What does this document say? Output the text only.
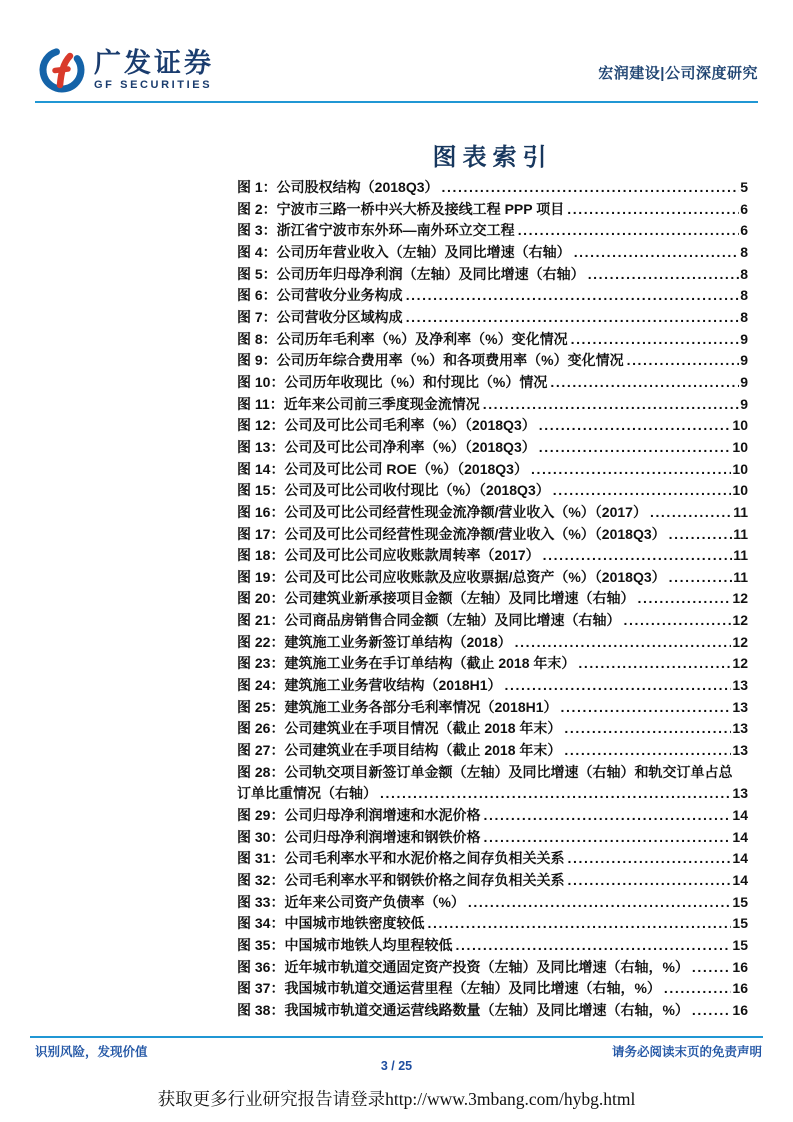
广发证券
GF SECURITIES
宏润建设|公司深度研究
图表索引
图 1：公司股权结构（2018Q3） .....	5
图 2：宁波市三路一桥中兴大桥及接线工程 PPP 项目 .....	6
图 3：浙江省宁波市东外环—南外环立交工程 .....	6
图 4：公司历年营业收入（左轴）及同比增速（右轴） .....	8
图 5：公司历年归母净利润（左轴）及同比增速（右轴） .....	8
图 6：公司营收分业务构成 .....	8
图 7：公司营收分区域构成 .....	8
图 8：公司历年毛利率（%）及净利率（%）变化情况 .....	9
图 9：公司历年综合费用率（%）和各项费用率（%）变化情况 .....	9
图 10：公司历年收现比（%）和付现比（%）情况 .....	9
图 11：近年来公司前三季度现金流情况 .....	9
图 12：公司及可比公司毛利率（%）（2018Q3） .....	10
图 13：公司及可比公司净利率（%）（2018Q3） .....	10
图 14：公司及可比公司 ROE（%）（2018Q3） .....	10
图 15：公司及可比公司收付现比（%）（2018Q3） .....	10
图 16：公司及可比公司经营性现金流净额/营业收入（%）（2017） .....	11
图 17：公司及可比公司经营性现金流净额/营业收入（%）（2018Q3） .....	11
图 18：公司及可比公司应收账款周转率（2017） .....	11
图 19：公司及可比公司应收账款及应收票据/总资产（%）（2018Q3） .....	11
图 20：公司建筑业新承接项目金额（左轴）及同比增速（右轴） .....	12
图 21：公司商品房销售合同金额（左轴）及同比增速（右轴） .....	12
图 22：建筑施工业务新签订单结构（2018） .....	12
图 23：建筑施工业务在手订单结构（截止 2018 年末） .....	12
图 24：建筑施工业务营收结构（2018H1） .....	13
图 25：建筑施工业务各部分毛利率情况（2018H1） .....	13
图 26：公司建筑业在手项目情况（截止 2018 年末） .....	13
图 27：公司建筑业在手项目结构（截止 2018 年末） .....	13
图 28：公司轨交项目新签订单金额（左轴）及同比增速（右轴）和轨交订单占总
订单比重情况（右轴） .....	13
图 29：公司归母净利润增速和水泥价格 .....	14
图 30：公司归母净利润增速和钢铁价格 .....	14
图 31：公司毛利率水平和水泥价格之间存负相关关系 .....	14
图 32：公司毛利率水平和钢铁价格之间存负相关关系 .....	14
图 33：近年来公司资产负债率（%） .....	15
图 34：中国城市地铁密度较低 .....	15
图 35：中国城市地铁人均里程较低 .....	15
图 36：近年城市轨道交通固定资产投资（左轴）及同比增速（右轴，%） .....	16
图 37：我国城市轨道交通运营里程（左轴）及同比增速（右轴，%） .....	16
图 38：我国城市轨道交通运营线路数量（左轴）及同比增速（右轴，%） .....	16
识别风险，发现价值	请务必阅读末页的免责声明
3 / 25
获取更多行业研究报告请登录http://www.3mbang.com/hybg.html
